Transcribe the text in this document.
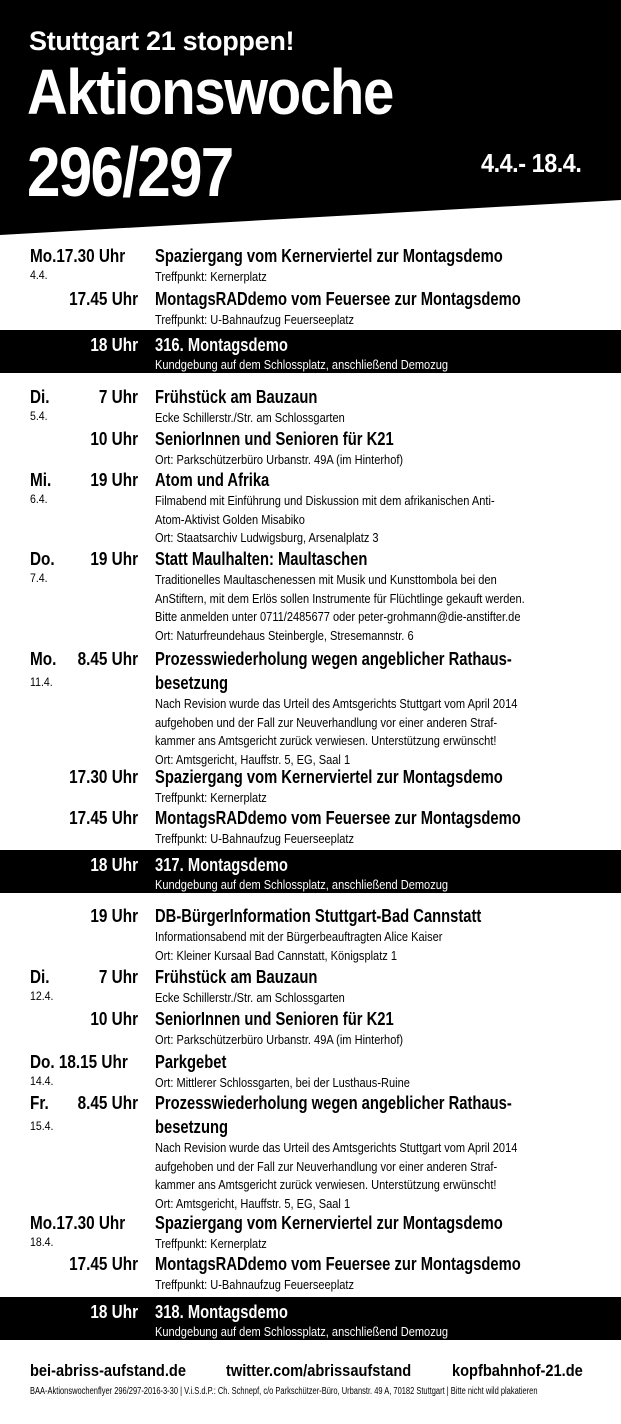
Stuttgart 21 stoppen!
Aktionswoche
296/297	4.4.- 18.4.
Mo.17.30 Uhr
4.4.
Spaziergang vom Kernerviertel zur Montagsdemo
Treffpunkt: Kernerplatz
17.45 Uhr MontagsRADdemo vom Feuersee zur Montagsdemo
Treffpunkt: U-Bahnaufzug Feuerseeplatz
18 Uhr 316. Montagsdemo
Kundgebung auf dem Schlossplatz, anschließend Demozug
Di.
5.4.
7 Uhr Frühstück am Bauzaun
Ecke Schillerstr./Str. am Schlossgarten
10 Uhr SeniorInnen und Senioren für K21
Ort: Parkschützerbüro Urbanstr. 49A (im Hinterhof)
Mi.
6.4.
19 Uhr Atom und Afrika
Filmabend mit Einführung und Diskussion mit dem afrikanischen Anti-
Atom-Aktivist Golden Misabiko
Ort: Staatsarchiv Ludwigsburg, Arsenalplatz 3
Do.
7.4.
19 Uhr Statt Maulhalten: Maultaschen
Traditionelles Maultaschenessen mit Musik und Kunsttombola bei den
AnStiftern, mit dem Erlös sollen Instrumente für Flüchtlinge gekauft werden.
Bitte anmelden unter 0711/2485677 oder peter-grohmann@die-anstifter.de
Ort: Naturfreundehaus Steinbergle, Stresemannstr. 6
Mo.
11.4.
8.45 Uhr Prozesswiederholung wegen angeblicher Rathaus-
besetzung
Nach Revision wurde das Urteil des Amtsgerichts Stuttgart vom April 2014
aufgehoben und der Fall zur Neuverhandlung vor einer anderen Straf-
kammer ans Amtsgericht zurück verwiesen. Unterstützung erwünscht!
Ort: Amtsgericht, Hauffstr. 5, EG, Saal 1
17.30 Uhr Spaziergang vom Kernerviertel zur Montagsdemo
Treffpunkt: Kernerplatz
17.45 Uhr MontagsRADdemo vom Feuersee zur Montagsdemo
Treffpunkt: U-Bahnaufzug Feuerseeplatz
18 Uhr 317. Montagsdemo
Kundgebung auf dem Schlossplatz, anschließend Demozug
19 Uhr DB-BürgerInformation Stuttgart-Bad Cannstatt
Informationsabend mit der Bürgerbeauftragten Alice Kaiser
Ort: Kleiner Kursaal Bad Cannstatt, Königsplatz 1
Di.
12.4.
7 Uhr Frühstück am Bauzaun
Ecke Schillerstr./Str. am Schlossgarten
10 Uhr SeniorInnen und Senioren für K21
Ort: Parkschützerbüro Urbanstr. 49A (im Hinterhof)
Do. 18.15 Uhr
14.4.
Parkgebet
Ort: Mittlerer Schlossgarten, bei der Lusthaus-Ruine
Fr.
15.4.
8.45 Uhr Prozesswiederholung wegen angeblicher Rathaus-
besetzung
Nach Revision wurde das Urteil des Amtsgerichts Stuttgart vom April 2014
aufgehoben und der Fall zur Neuverhandlung vor einer anderen Straf-
kammer ans Amtsgericht zurück verwiesen. Unterstützung erwünscht!
Ort: Amtsgericht, Hauffstr. 5, EG, Saal 1
Mo.17.30 Uhr
18.4.
Spaziergang vom Kernerviertel zur Montagsdemo
Treffpunkt: Kernerplatz
17.45 Uhr MontagsRADdemo vom Feuersee zur Montagsdemo
Treffpunkt: U-Bahnaufzug Feuerseeplatz
18 Uhr 318. Montagsdemo
Kundgebung auf dem Schlossplatz, anschließend Demozug
bei-abriss-aufstand.de twitter.com/abrissaufstand kopfbahnhof-21.de
BAA-Aktionswochenflyer 296/297-2016-3-30 | V.i.S.d.P.: Ch. Schnepf, c/o Parkschützer-Büro, Urbanstr. 49 A, 70182 Stuttgart | Bitte nicht wild plakatieren
